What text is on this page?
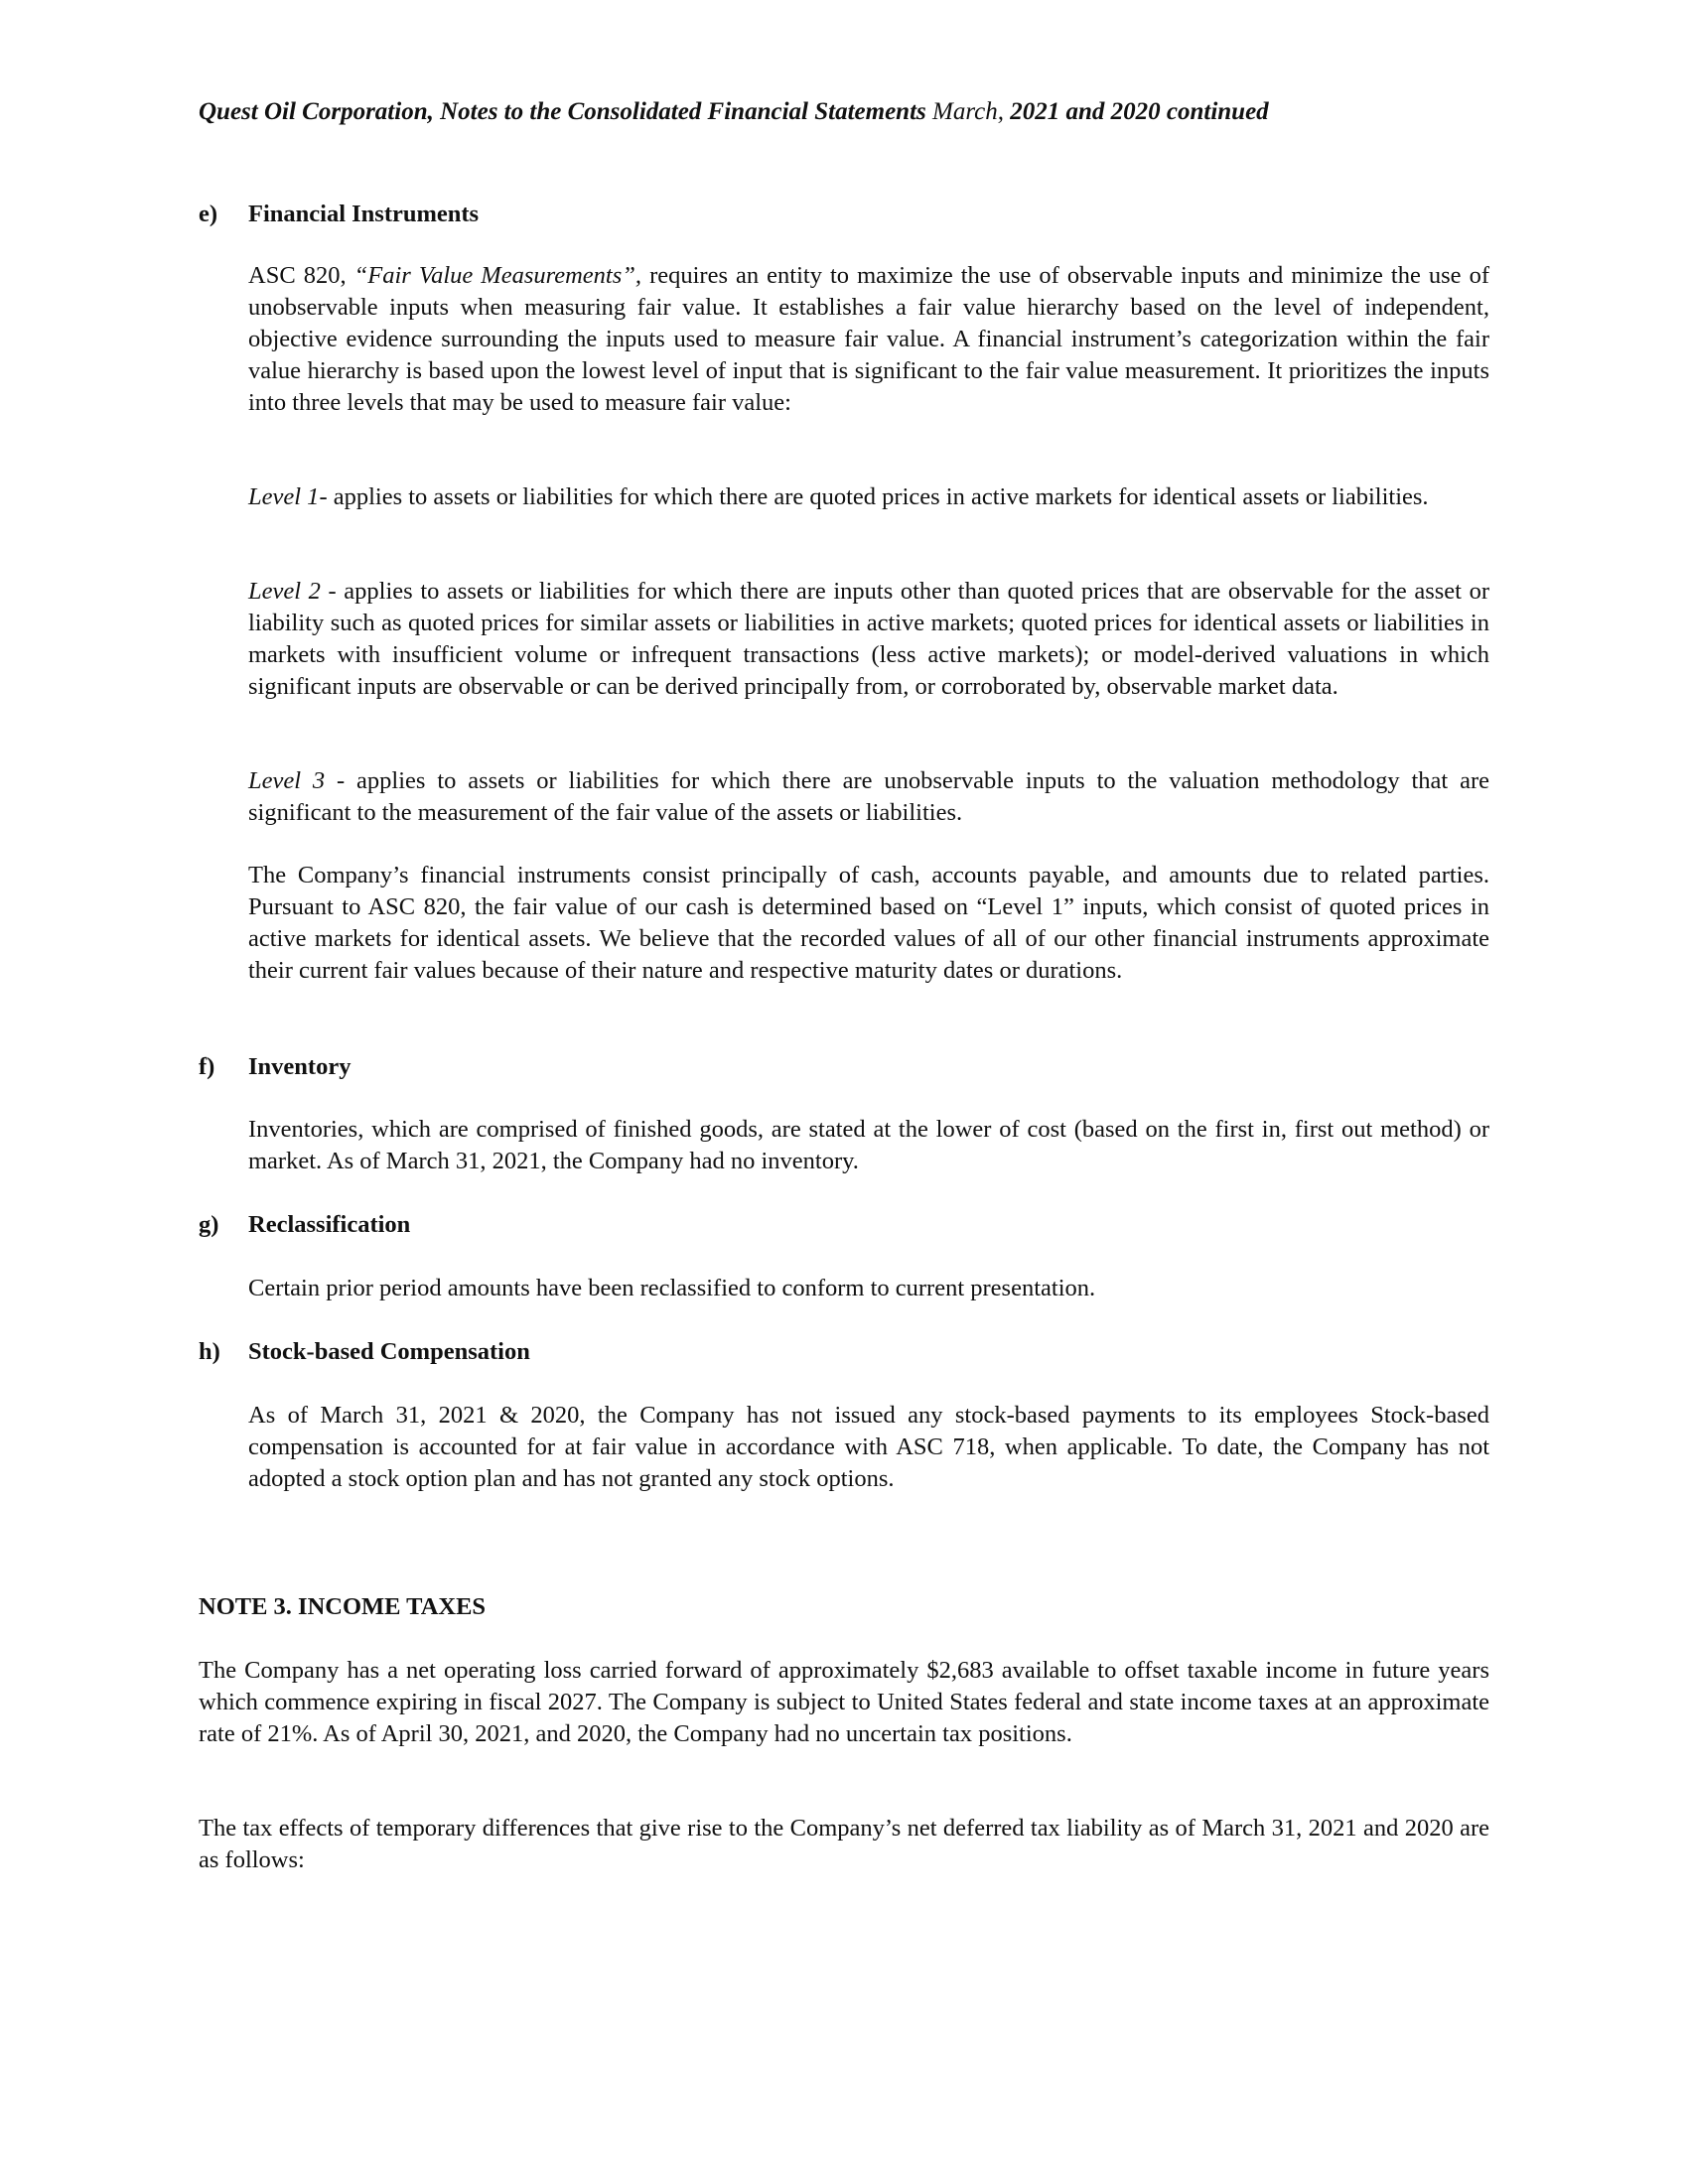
Quest Oil Corporation, Notes to the Consolidated Financial Statements March, 2021 and 2020 continued
e) Financial Instruments

ASC 820, “Fair Value Measurements”, requires an entity to maximize the use of observable inputs and minimize the use of unobservable inputs when measuring fair value. It establishes a fair value hierarchy based on the level of independent, objective evidence surrounding the inputs used to measure fair value. A financial instrument’s categorization within the fair value hierarchy is based upon the lowest level of input that is significant to the fair value measurement. It prioritizes the inputs into three levels that may be used to measure fair value:

Level 1- applies to assets or liabilities for which there are quoted prices in active markets for identical assets or liabilities.

Level 2 - applies to assets or liabilities for which there are inputs other than quoted prices that are observable for the asset or liability such as quoted prices for similar assets or liabilities in active markets; quoted prices for identical assets or liabilities in markets with insufficient volume or infrequent transactions (less active markets); or model-derived valuations in which significant inputs are observable or can be derived principally from, or corroborated by, observable market data.

Level 3 - applies to assets or liabilities for which there are unobservable inputs to the valuation methodology that are significant to the measurement of the fair value of the assets or liabilities.

The Company’s financial instruments consist principally of cash, accounts payable, and amounts due to related parties. Pursuant to ASC 820, the fair value of our cash is determined based on “Level 1” inputs, which consist of quoted prices in active markets for identical assets. We believe that the recorded values of all of our other financial instruments approximate their current fair values because of their nature and respective maturity dates or durations.

f) Inventory

Inventories, which are comprised of finished goods, are stated at the lower of cost (based on the first in, first out method) or market. As of March 31, 2021, the Company had no inventory.

g) Reclassification

Certain prior period amounts have been reclassified to conform to current presentation.

h) Stock-based Compensation

As of March 31, 2021 & 2020, the Company has not issued any stock-based payments to its employees Stock-based compensation is accounted for at fair value in accordance with ASC 718, when applicable. To date, the Company has not adopted a stock option plan and has not granted any stock options.

NOTE 3. INCOME TAXES

The Company has a net operating loss carried forward of approximately $2,683 available to offset taxable income in future years which commence expiring in fiscal 2027. The Company is subject to United States federal and state income taxes at an approximate rate of 21%. As of April 30, 2021, and 2020, the Company had no uncertain tax positions.

The tax effects of temporary differences that give rise to the Company’s net deferred tax liability as of March 31, 2021 and 2020 are as follows:
